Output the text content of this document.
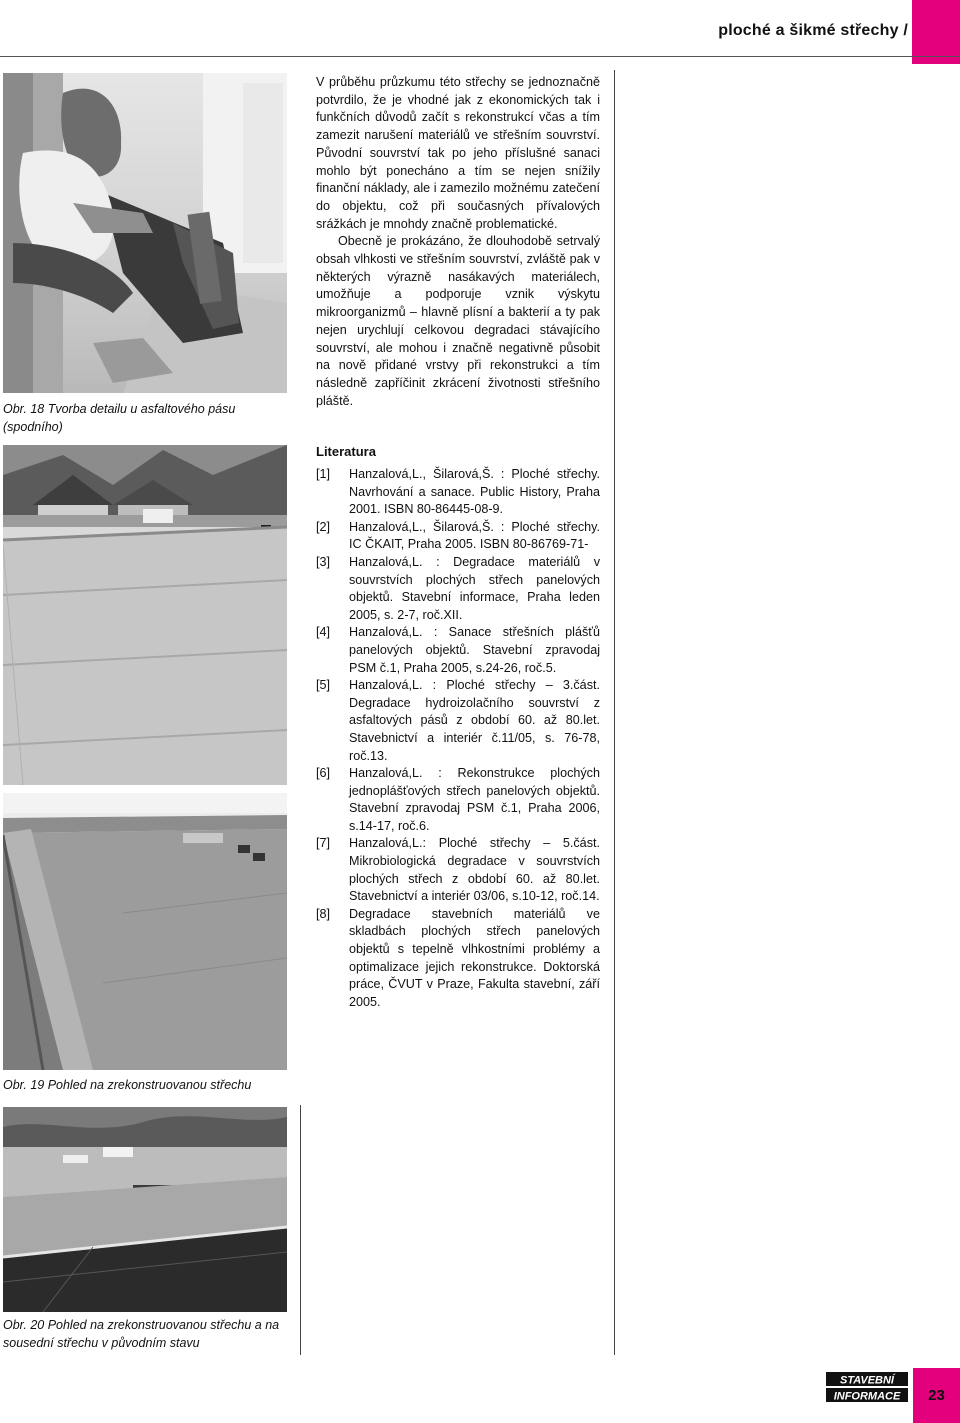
ploché a šikmé střechy /
Obr. 18 Tvorba detailu u asfaltového pásu (spodního)
Obr. 19 Pohled na zrekonstruovanou střechu
Obr. 20 Pohled na zrekonstruovanou střechu a na sousední střechu v původním stavu

V průběhu průzkumu této střechy se jednoznačně potvrdilo, že je vhodné jak z ekonomických tak i funkčních důvodů začít s rekonstrukcí včas a tím zamezit narušení materiálů ve střešním souvrství. Původní souvrství tak po jeho příslušné sanaci mohlo být ponecháno a tím se nejen snížily finanční náklady, ale i zamezilo možnému zatečení do objektu, což při současných přívalových srážkách je mnohdy značně problematické.

Obecně je prokázáno, že dlouhodobě setrvalý obsah vlhkosti ve střešním souvrství, zvláště pak v některých výrazně nasákavých materiálech, umožňuje a podporuje vznik výskytu mikroorganizmů – hlavně plísní a bakterií a ty pak nejen urychlují celkovou degradaci stávajícího souvrství, ale mohou i značně negativně působit na nově přidané vrstvy při rekonstrukci a tím následně zapříčinit zkrácení životnosti střešního pláště.

Literatura
[1] Hanzalová,L., Šilarová,Š. : Ploché střechy. Navrhování a sanace. Public History, Praha 2001. ISBN 80-86445-08-9.
[2] Hanzalová,L., Šilarová,Š. : Ploché střechy. IC ČKAIT, Praha 2005. ISBN 80-86769-71-
[3] Hanzalová,L. : Degradace materiálů v souvrstvích plochých střech panelových objektů. Stavební informace, Praha leden 2005, s. 2-7, roč.XII.
[4] Hanzalová,L. : Sanace střešních plášťů panelových objektů. Stavební zpravodaj PSM č.1, Praha 2005, s.24-26, roč.5.
[5] Hanzalová,L. : Ploché střechy – 3.část. Degradace hydroizolačního souvrství z asfaltových pásů z období 60. až 80.let. Stavebnictví a interiér č.11/05, s. 76-78, roč.13.
[6] Hanzalová,L. : Rekonstrukce plochých jednoplášťových střech panelových objektů. Stavební zpravodaj PSM č.1, Praha 2006, s.14-17, roč.6.
[7] Hanzalová,L.: Ploché střechy – 5.část. Mikrobiologická degradace v souvrstvích plochých střech z období 60. až 80.let. Stavebnictví a interiér 03/06, s.10-12, roč.14.
[8] Degradace stavebních materiálů ve skladbách plochých střech panelových objektů s tepelně vlhkostními problémy a optimalizace jejich rekonstrukce. Doktorská práce, ČVUT v Praze, Fakulta stavební, září 2005.
STAVEBNÍ
INFORMACE	23
